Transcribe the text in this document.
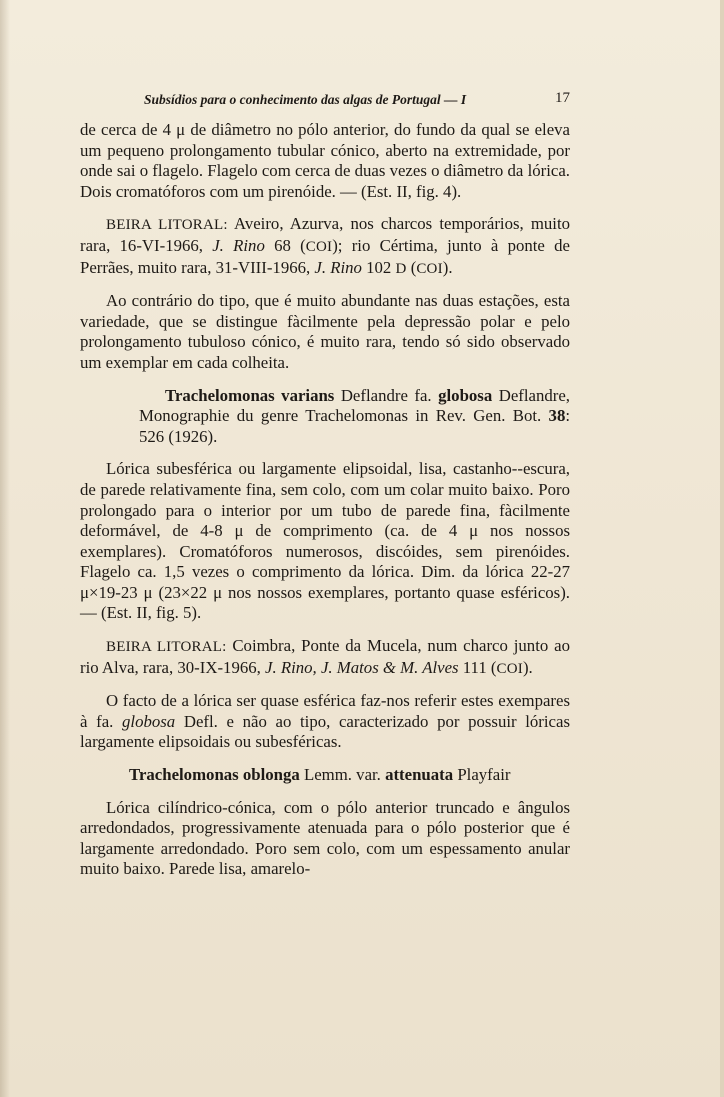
Subsídios para o conhecimento das algas de Portugal — I	17

de cerca de 4 μ de diâmetro no pólo anterior, do fundo da qual se eleva um pequeno prolongamento tubular cónico, aberto na extremidade, por onde sai o flagelo. Flagelo com cerca de duas vezes o diâmetro da lórica. Dois cromatóforos com um pirenóide. — (Est. II, fig. 4).

BEIRA LITORAL: Aveiro, Azurva, nos charcos temporários, muito rara, 16-VI-1966, J. Rino 68 (COI); rio Cértima, junto à ponte de Perrães, muito rara, 31-VIII-1966, J. Rino 102 D (COI).

Ao contrário do tipo, que é muito abundante nas duas estações, esta variedade, que se distingue fàcilmente pela depressão polar e pelo prolongamento tubuloso cónico, é muito rara, tendo só sido observado um exemplar em cada colheita.

Trachelomonas varians Deflandre fa. globosa Deflandre, Monographie du genre Trachelomonas in Rev. Gen. Bot. 38: 526 (1926).

Lórica subesférica ou largamente elipsoidal, lisa, castanho--escura, de parede relativamente fina, sem colo, com um colar muito baixo. Poro prolongado para o interior por um tubo de parede fina, fàcilmente deformável, de 4-8 μ de comprimento (ca. de 4 μ nos nossos exemplares). Cromatóforos numerosos, discóides, sem pirenóides. Flagelo ca. 1,5 vezes o comprimento da lórica. Dim. da lórica 22-27 μ×19-23 μ (23×22 μ nos nossos exemplares, portanto quase esféricos). — (Est. II, fig. 5).

BEIRA LITORAL: Coimbra, Ponte da Mucela, num charco junto ao rio Alva, rara, 30-IX-1966, J. Rino, J. Matos & M. Alves 111 (COI).

O facto de a lórica ser quase esférica faz-nos referir estes exempares à fa. globosa Defl. e não ao tipo, caracterizado por possuir lóricas largamente elipsoidais ou subesféricas.

Trachelomonas oblonga Lemm. var. attenuata Playfair

Lórica cilíndrico-cónica, com o pólo anterior truncado e ângulos arredondados, progressivamente atenuada para o pólo posterior que é largamente arredondado. Poro sem colo, com um espessamento anular muito baixo. Parede lisa, amarelo-
